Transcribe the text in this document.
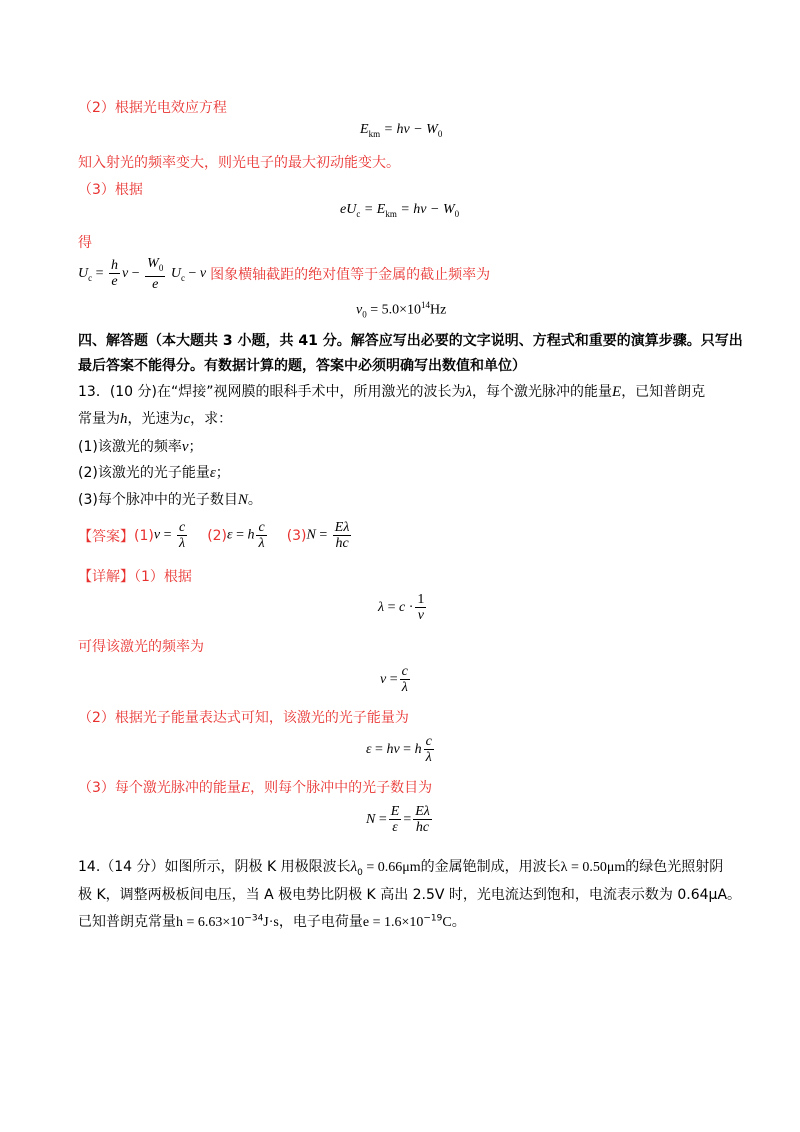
（2）根据光电效应方程
$E_{km} = h\nu - W_0$
知入射光的频率变大，则光电子的最大初动能变大。
（3）根据
$eU_c = E_{km} = h\nu - W_0$
得
$U_c = \frac{h}{e}$ $\nu - \frac{W_0}{e} U_c - \nu$ 图象横轴截距的绝对值等于金属的截止频率为
$\nu_0 = 5.0\times 10^{14}Hz$
四、解答题（本大题共 3 小题，共 41 分。解答应写出必要的文字说明、方程式和重要的演算步骤。只写出
最后答案不能得分。有数据计算的题，答案中必须明确写出数值和单位）
13．(10 分)在“焊接”视网膜的眼科手术中，所用激光的波长为λ，每个激光脉冲的能量E，已知普朗克
常量为h，光速为c，求：
(1)该激光的频率ν；
(2)该激光的光子能量ε；
(3)每个脉冲中的光子数目N。
【答案】 (1) $\nu = \frac{c}{\lambda} (2) \varepsilon = h \frac{c}{\lambda} (3) N = \frac{E\lambda}{hc}$
【详解】（1）根据
$\lambda = c \cdot \frac{1}{\nu}$
可得该激光的频率为
$\nu = \frac{c}{\lambda}$
（2）根据光子能量表达式可知，该激光的光子能量为
ε = hν = h $\frac{c}{\lambda}$
（3）每个激光脉冲的能量E，则每个脉冲中的光子数目为
$N = \frac{E}{\varepsilon} = \frac{E\lambda}{hc}$
14.（14 分）如图所示，阴极 K 用极限波长$\lambda_0 = 0.66\mu m$的金属铯制成，用波长λ = 0.50μm的绿色光照射阴
极 K，调整两极板间电压，当 A 极电势比阴极 K 高出 2.5V 时，光电流达到饱和，电流表示数为 0.64μA。
已知普朗克常量$h = 6.63\times 10^{-34}J\cdot s$，电子电荷量$e = 1.6\times 10^{-19}C$。
